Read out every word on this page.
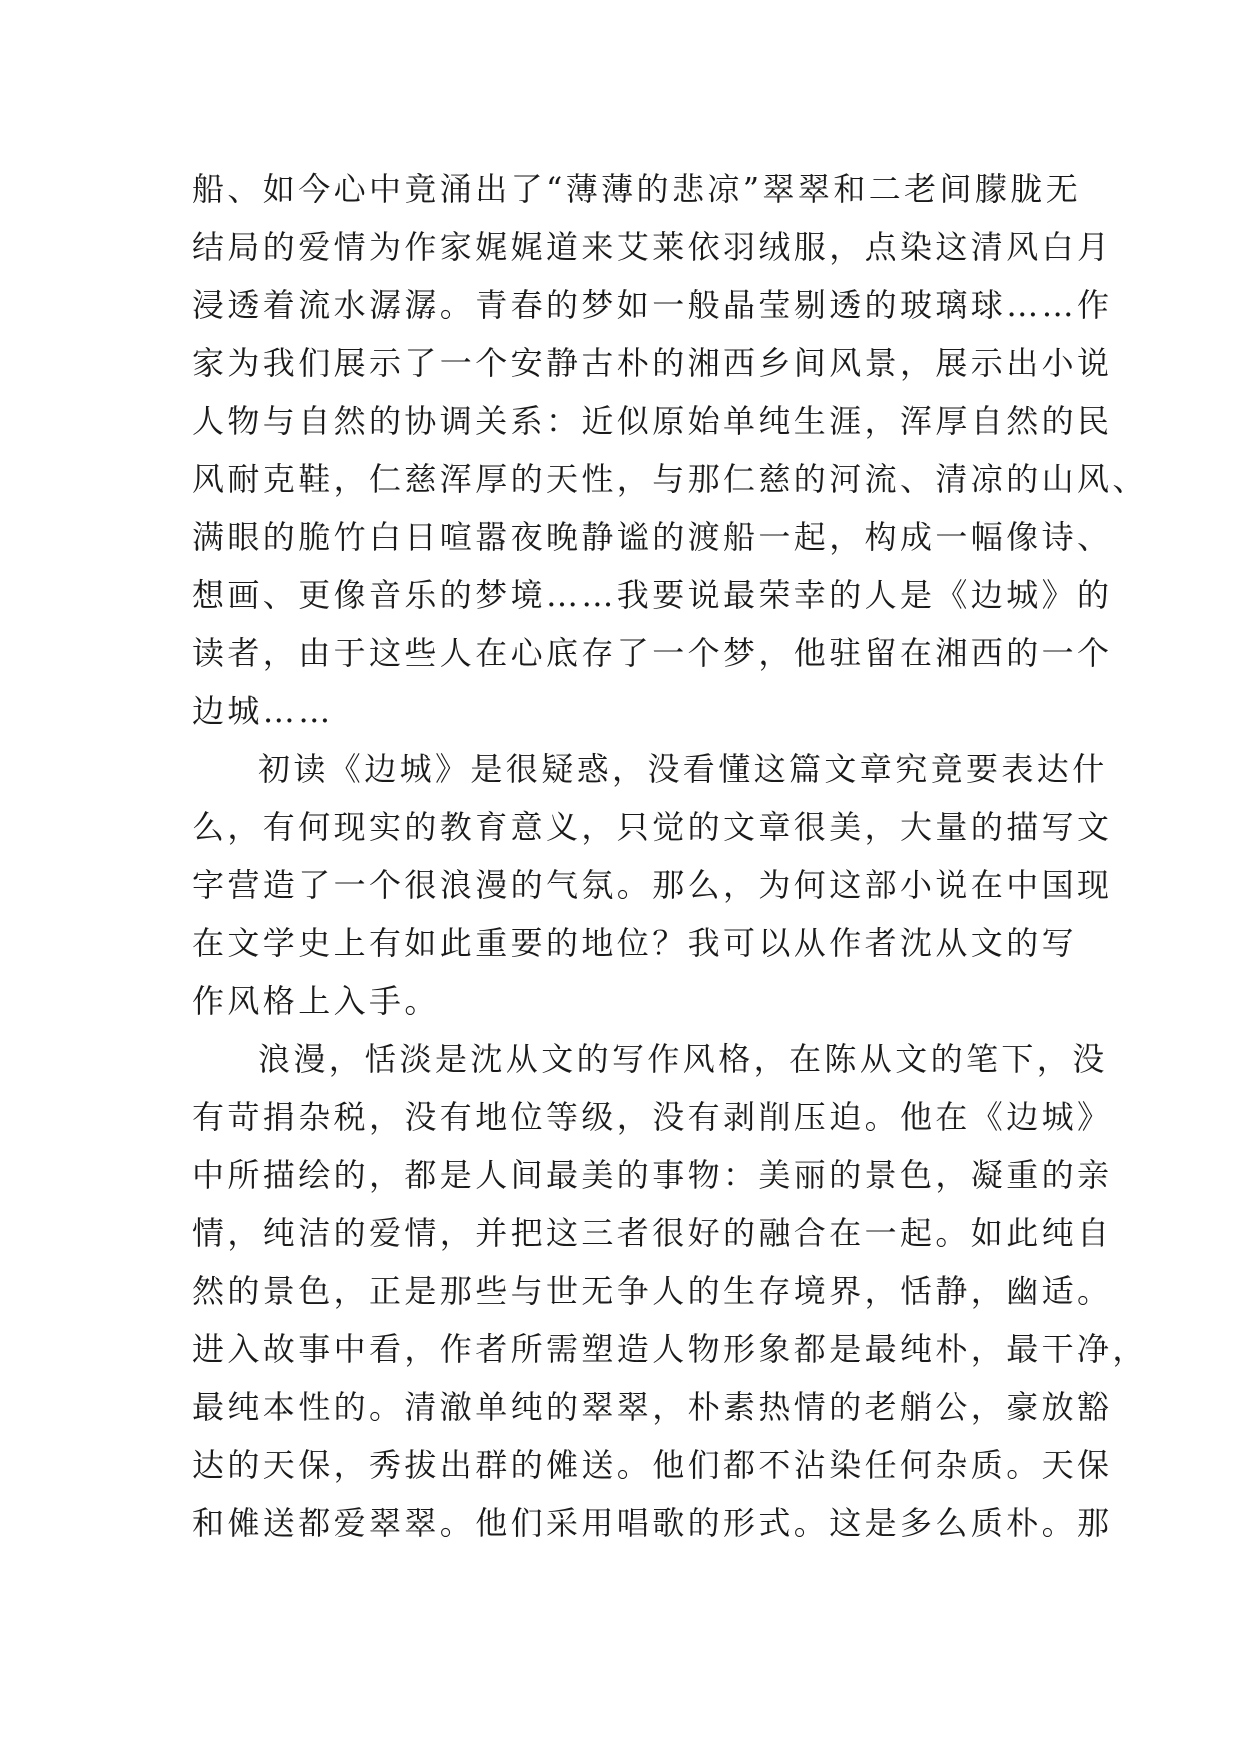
船、如今心中竟涌出了“薄薄的悲凉”翠翠和二老间朦胧无
结局的爱情为作家娓娓道来艾莱依羽绒服，点染这清风白月
浸透着流水潺潺。青春的梦如一般晶莹剔透的玻璃球……作
家为我们展示了一个安静古朴的湘西乡间风景，展示出小说
人物与自然的协调关系：近似原始单纯生涯，浑厚自然的民
风耐克鞋，仁慈浑厚的天性，与那仁慈的河流、清凉的山风、
满眼的脆竹白日喧嚣夜晚静谧的渡船一起，构成一幅像诗、
想画、更像音乐的梦境……我要说最荣幸的人是《边城》的
读者，由于这些人在心底存了一个梦，他驻留在湘西的一个
边城……
初读《边城》是很疑惑，没看懂这篇文章究竟要表达什
么，有何现实的教育意义，只觉的文章很美，大量的描写文
字营造了一个很浪漫的气氛。那么，为何这部小说在中国现
在文学史上有如此重要的地位？我可以从作者沈从文的写
作风格上入手。
浪漫，恬淡是沈从文的写作风格，在陈从文的笔下，没
有苛捐杂税，没有地位等级，没有剥削压迫。他在《边城》
中所描绘的，都是人间最美的事物：美丽的景色，凝重的亲
情，纯洁的爱情，并把这三者很好的融合在一起。如此纯自
然的景色，正是那些与世无争人的生存境界，恬静，幽适。
进入故事中看，作者所需塑造人物形象都是最纯朴，最干净，
最纯本性的。清澈单纯的翠翠，朴素热情的老艄公，豪放豁
达的天保，秀拔出群的傩送。他们都不沾染任何杂质。天保
和傩送都爱翠翠。他们采用唱歌的形式。这是多么质朴。那
